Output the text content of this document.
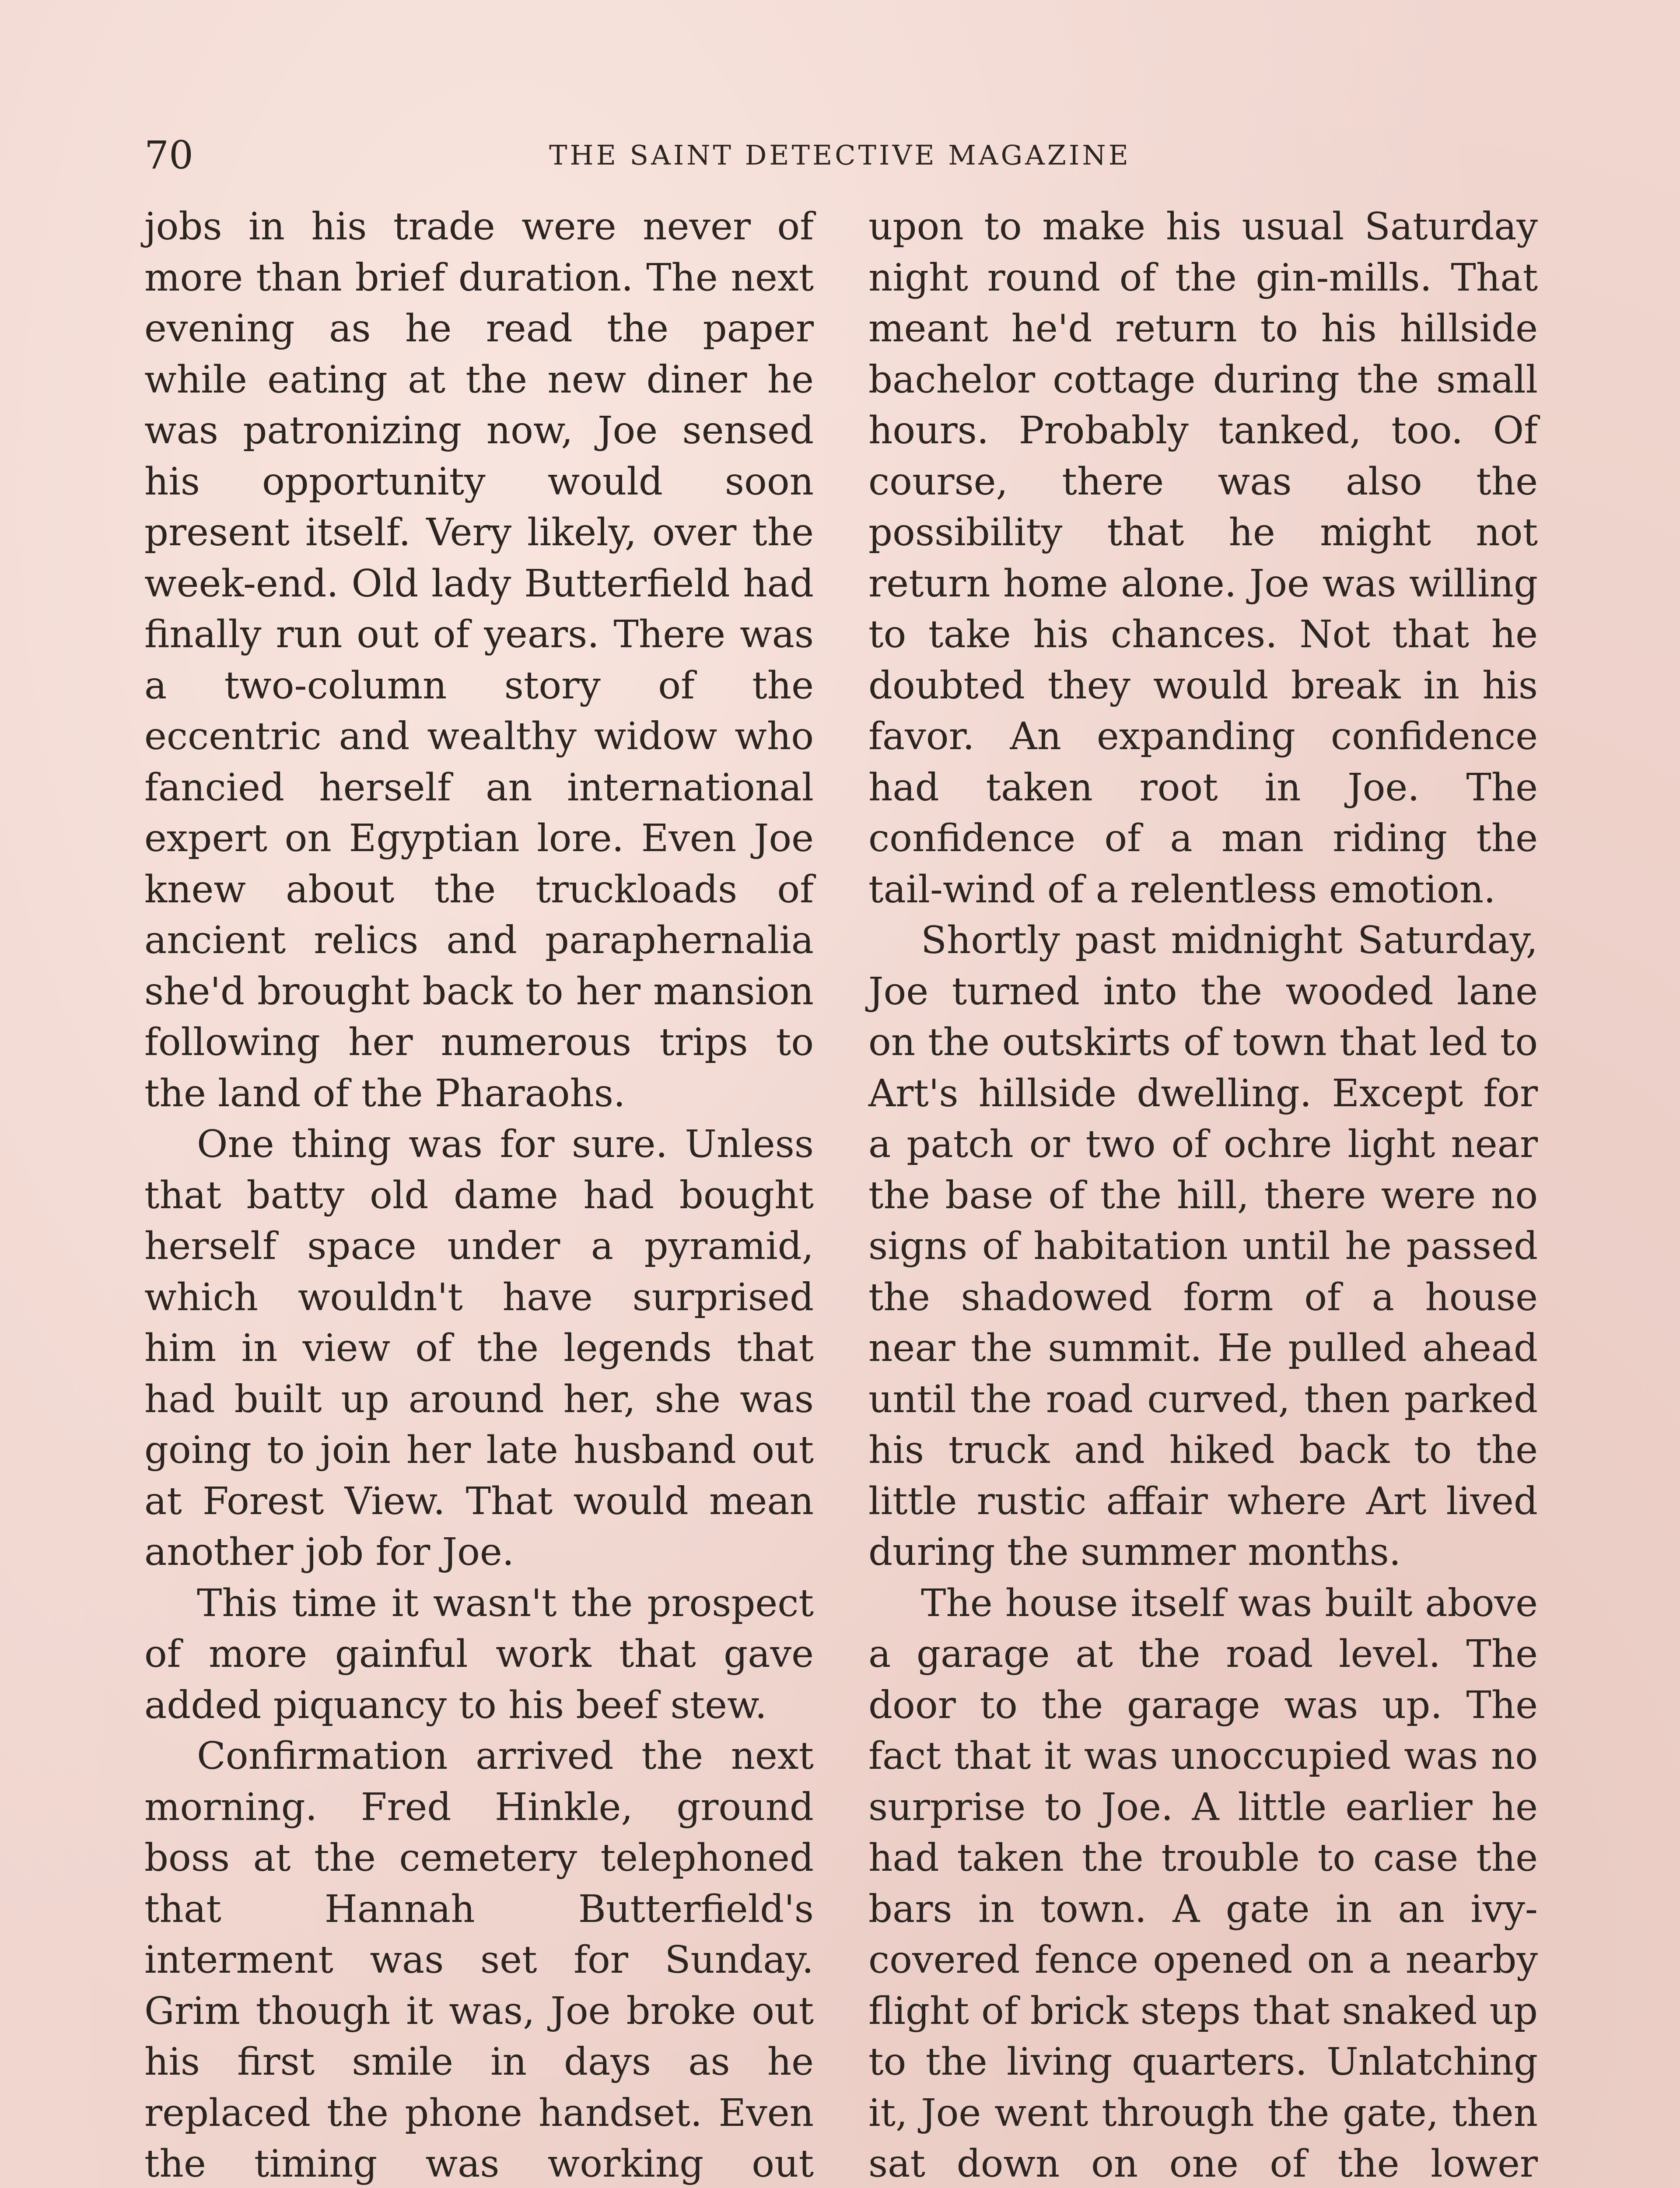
70	THE SAINT DETECTIVE MAGAZINE

jobs in his trade were never of more than brief duration. The next evening as he read the paper while eating at the new diner he was patronizing now, Joe sensed his opportunity would soon present itself. Very likely, over the week-end. Old lady Butterfield had finally run out of years. There was a two-column story of the eccentric and wealthy widow who fancied herself an international expert on Egyptian lore. Even Joe knew about the truckloads of ancient relics and paraphernalia she'd brought back to her mansion following her numerous trips to the land of the Pharaohs.

One thing was for sure. Unless that batty old dame had bought herself space under a pyramid, which wouldn't have surprised him in view of the legends that had built up around her, she was going to join her late husband out at Forest View. That would mean another job for Joe.

This time it wasn't the prospect of more gainful work that gave added piquancy to his beef stew.

Confirmation arrived the next morning. Fred Hinkle, ground boss at the cemetery telephoned that Hannah Butterfield's interment was set for Sunday. Grim though it was, Joe broke out his first smile in days as he replaced the phone handset. Even the timing was working out

upon to make his usual Saturday night round of the gin-mills. That meant he'd return to his hillside bachelor cottage during the small hours. Probably tanked, too. Of course, there was also the possibility that he might not return home alone. Joe was willing to take his chances. Not that he doubted they would break in his favor. An expanding confidence had taken root in Joe. The confidence of a man riding the tail-wind of a relentless emotion.

Shortly past midnight Saturday, Joe turned into the wooded lane on the outskirts of town that led to Art's hillside dwelling. Except for a patch or two of ochre light near the base of the hill, there were no signs of habitation until he passed the shadowed form of a house near the summit. He pulled ahead until the road curved, then parked his truck and hiked back to the little rustic affair where Art lived during the summer months.

The house itself was built above a garage at the road level. The door to the garage was up. The fact that it was unoccupied was no surprise to Joe. A little earlier he had taken the trouble to case the bars in town. A gate in an ivy-covered fence opened on a nearby flight of brick steps that snaked up to the living quarters. Unlatching it, Joe went through the gate, then sat down on one of the lower
